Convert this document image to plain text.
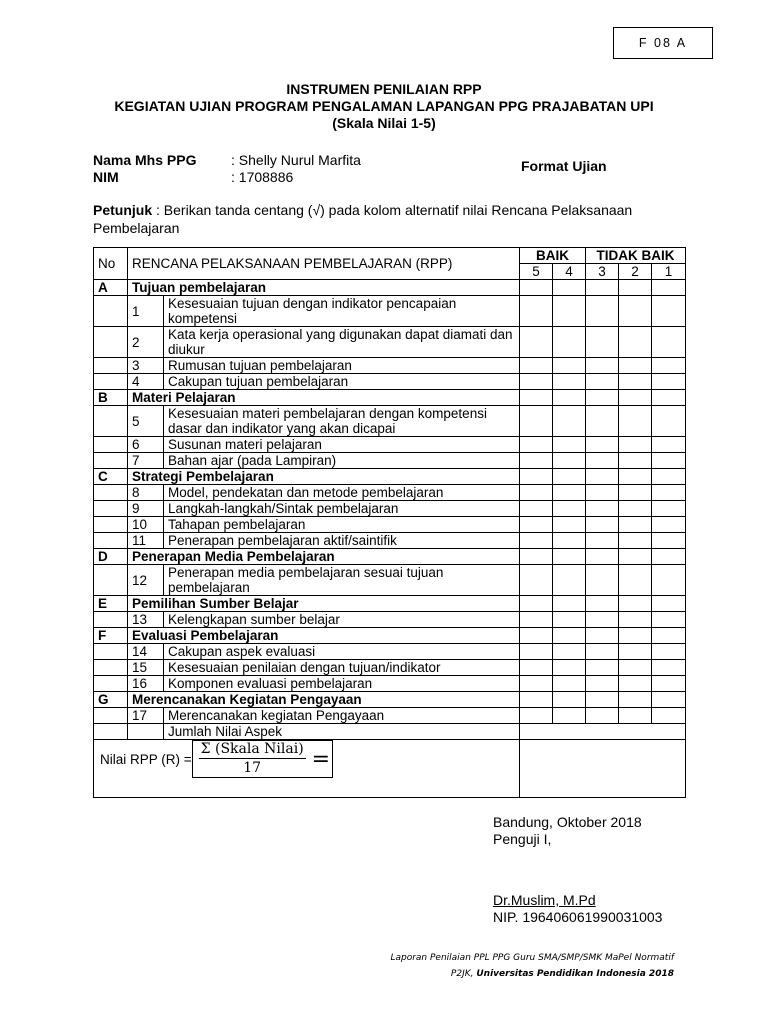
F 08 A
INSTRUMEN PENILAIAN RPP
KEGIATAN UJIAN PROGRAM PENGALAMAN LAPANGAN PPG PRAJABATAN UPI
(Skala Nilai 1-5)
Nama Mhs PPG	: Shelly Nurul Marfita
NIM	: 1708886
Format Ujian
Petunjuk : Berikan tanda centang (√) pada kolom alternatif nilai Rencana Pelaksanaan Pembelajaran
No	RENCANA PELAKSANAAN PEMBELAJARAN (RPP)		BAIK		TIDAK BAIK		
			5	4	3	2	1
A	Tujuan pembelajaran						
	1	Kesesuaian tujuan dengan indikator pencapaian kompetensi					
	2	Kata kerja operasional yang digunakan dapat diamati dan diukur					
	3	Rumusan tujuan pembelajaran					
	4	Cakupan tujuan pembelajaran					
B	Materi Pelajaran						
	5	Kesesuaian materi pembelajaran dengan kompetensi dasar dan indikator yang akan dicapai					
	6	Susunan materi pelajaran					
	7	Bahan ajar (pada Lampiran)					
C	Strategi Pembelajaran						
	8	Model, pendekatan dan metode pembelajaran					
	9	Langkah-langkah/Sintak pembelajaran					
	10	Tahapan pembelajaran					
	11	Penerapan pembelajaran aktif/saintifik					
D	Penerapan Media Pembelajaran						
	12	Penerapan media pembelajaran sesuai tujuan pembelajaran					
E	Pemilihan Sumber Belajar						
	13	Kelengkapan sumber belajar					
F	Evaluasi Pembelajaran						
	14	Cakupan aspek evaluasi					
	15	Kesesuaian penilaian dengan tujuan/indikator					
	16	Komponen evaluasi pembelajaran					
G	Merencanakan Kegiatan Pengayaan						
	17	Merencanakan kegiatan Pengayaan					
		Jumlah Nilai Aspek					

Nilai RPP $(R) = \frac{\text{Σ (Skala Nilai)}}{17}$ =							

Bandung, Oktober 2018
Penguji I,
Dr.Muslim, M.Pd
NIP. 196406061990031003
Laporan Penilaian PPL PPG Guru SMA/SMP/SMK MaPel Normatif
P2JK, Universitas Pendidikan Indonesia 2018
